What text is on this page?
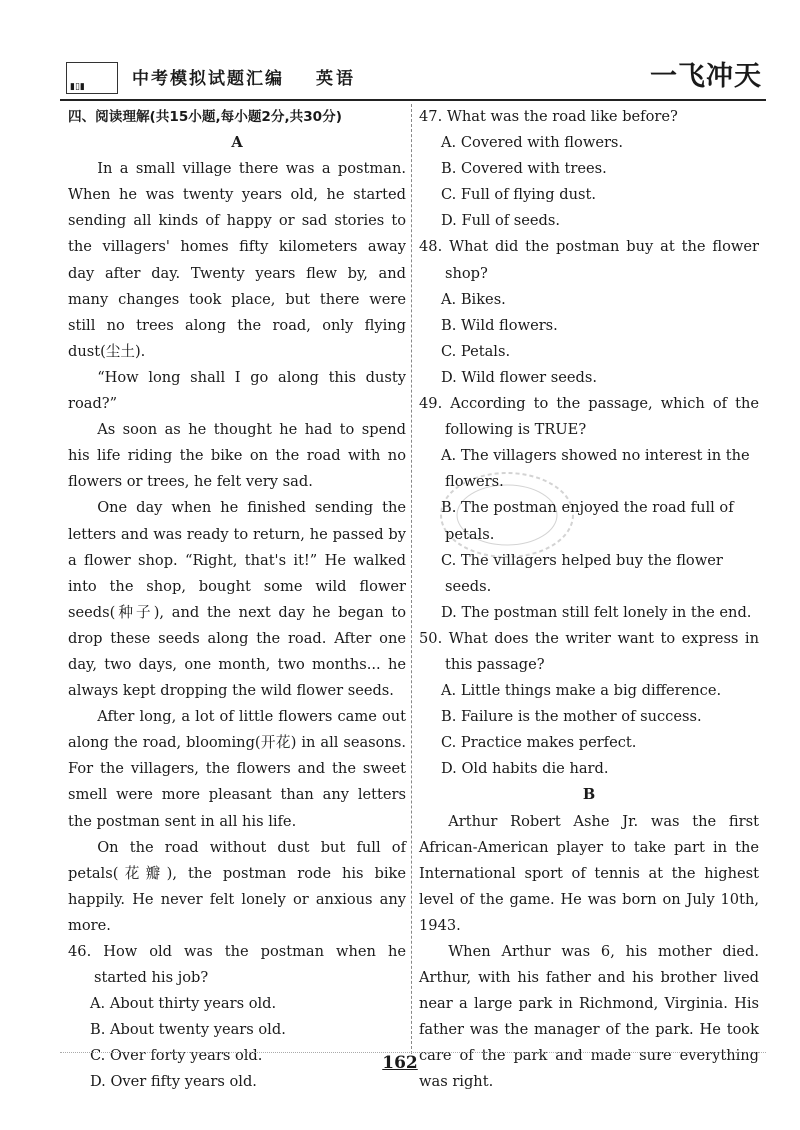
▮▯▮	中考模拟试题汇编 英语	一飞冲天

四、阅读理解(共15小题,每小题2分,共30分)

A

In a small village there was a postman. When he was twenty years old, he started sending all kinds of happy or sad stories to the villagers' homes fifty kilometers away day after day. Twenty years flew by, and many changes took place, but there were still no trees along the road, only flying dust(尘土).

“How long shall I go along this dusty road?”

As soon as he thought he had to spend his life riding the bike on the road with no flowers or trees, he felt very sad.

One day when he finished sending the letters and was ready to return, he passed by a flower shop. “Right, that's it!” He walked into the shop, bought some wild flower seeds(种子), and the next day he began to drop these seeds along the road. After one day, two days, one month, two months... he always kept dropping the wild flower seeds.

After long, a lot of little flowers came out along the road, blooming(开花) in all seasons. For the villagers, the flowers and the sweet smell were more pleasant than any letters the postman sent in all his life.

On the road without dust but full of petals(花瓣), the postman rode his bike happily. He never felt lonely or anxious any more.

46. How old was the postman when he started his job?

A. About thirty years old.

B. About twenty years old.

C. Over forty years old.

D. Over fifty years old.

47. What was the road like before?

A. Covered with flowers.

B. Covered with trees.

C. Full of flying dust.

D. Full of seeds.

48. What did the postman buy at the flower shop?

A. Bikes.

B. Wild flowers.

C. Petals.

D. Wild flower seeds.

49. According to the passage, which of the following is TRUE?

A. The villagers showed no interest in the flowers.

B. The postman enjoyed the road full of petals.

C. The villagers helped buy the flower seeds.

D. The postman still felt lonely in the end.

50. What does the writer want to express in this passage?

A. Little things make a big difference.

B. Failure is the mother of success.

C. Practice makes perfect.

D. Old habits die hard.

B

Arthur Robert Ashe Jr. was the first African-American player to take part in the International sport of tennis at the highest level of the game. He was born on July 10th, 1943.

When Arthur was 6, his mother died. Arthur, with his father and his brother lived near a large park in Richmond, Virginia. His father was the manager of the park. He took care of the park and made sure everything was right.

162
